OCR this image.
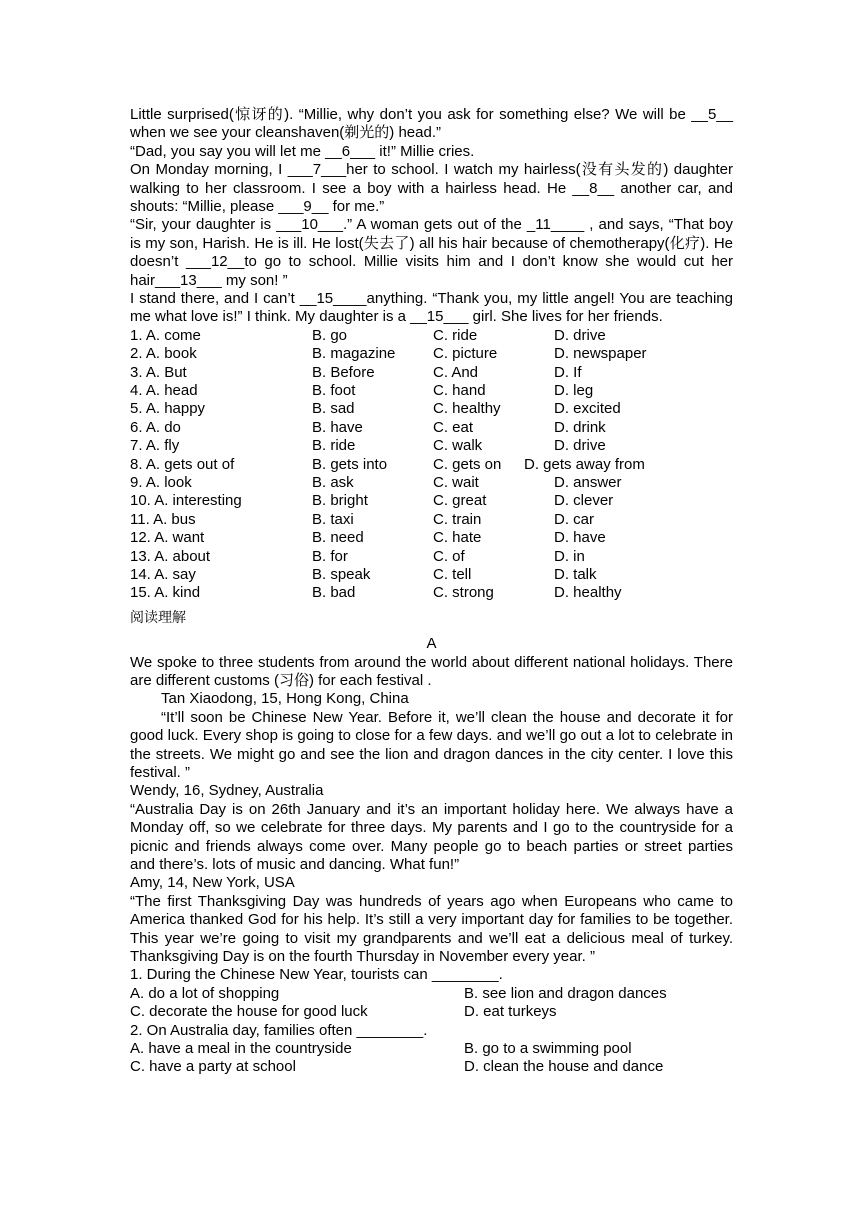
Little surprised(惊讶的). “Millie, why don’t you ask for something else? We will be __5__ when we see your cleanshaven(剃光的) head.”

“Dad, you say you will let me __6___ it!” Millie cries.

On Monday morning, I ___7___her to school. I watch my hairless(没有头发的) daughter walking to her classroom. I see a boy with a hairless head. He __8__ another car, and shouts: “Millie, please ___9__ for me.”

“Sir, your daughter is ___10___.” A woman gets out of the _11____ , and says, “That boy is my son, Harish. He is ill. He lost(失去了) all his hair because of chemotherapy(化疗). He doesn’t ___12__to go to school. Millie visits him and I don’t know she would cut her hair___13___ my son! ”

I stand there, and I can’t __15____anything. “Thank you, my little angel! You are teaching me what love is!” I think. My daughter is a __15___ girl. She lives for her friends.

1. A. come	B. go	C. ride	D. drive
2. A. book	B. magazine	C. picture	D. newspaper
3. A. But	B. Before	C. And	D. If
4. A. head	B. foot	C. hand	D. leg
5. A. happy	B. sad	C. healthy	D. excited
6. A. do	B. have	C. eat	D. drink
7. A. fly	B. ride	C. walk	D. drive
8. A. gets out of	B. gets into	C. gets on	D. gets away from
9. A. look	B. ask	C. wait	D. answer
10. A. interesting	B. bright	C. great	D. clever
11. A. bus	B. taxi	C. train	D. car
12. A. want	B. need	C. hate	D. have
13. A. about	B. for	C. of	D. in
14. A. say	B. speak	C. tell	D. talk
15. A. kind	B. bad	C. strong	D. healthy
阅读理解
A

We spoke to three students from around the world about different national holidays. There are different customs (习俗) for each festival .

Tan Xiaodong, 15, Hong Kong, China

“It’ll soon be Chinese New Year. Before it, we’ll clean the house and decorate it for good luck. Every shop is going to close for a few days. and we’ll go out a lot to celebrate in the streets. We might go and see the lion and dragon dances in the city center. I love this festival. ”

Wendy, 16, Sydney, Australia

“Australia Day is on 26th January and it’s an important holiday here. We always have a Monday off, so we celebrate for three days. My parents and I go to the countryside for a picnic and friends always come over. Many people go to beach parties or street parties and there’s. lots of music and dancing. What fun!”

Amy, 14, New York, USA

“The first Thanksgiving Day was hundreds of years ago when Europeans who came to America thanked God for his help. It’s still a very important day for families to be together. This year we’re going to visit my grandparents and we’ll eat a delicious meal of turkey. Thanksgiving Day is on the fourth Thursday in November every year. ”

1. During the Chinese New Year, tourists can ________.

A. do a lot of shopping	B. see lion and dragon dances
C. decorate the house for good luck	D. eat turkeys

2. On Australia day, families often ________.

A. have a meal in the countryside	B. go to a swimming pool
C. have a party at school	D. clean the house and dance
